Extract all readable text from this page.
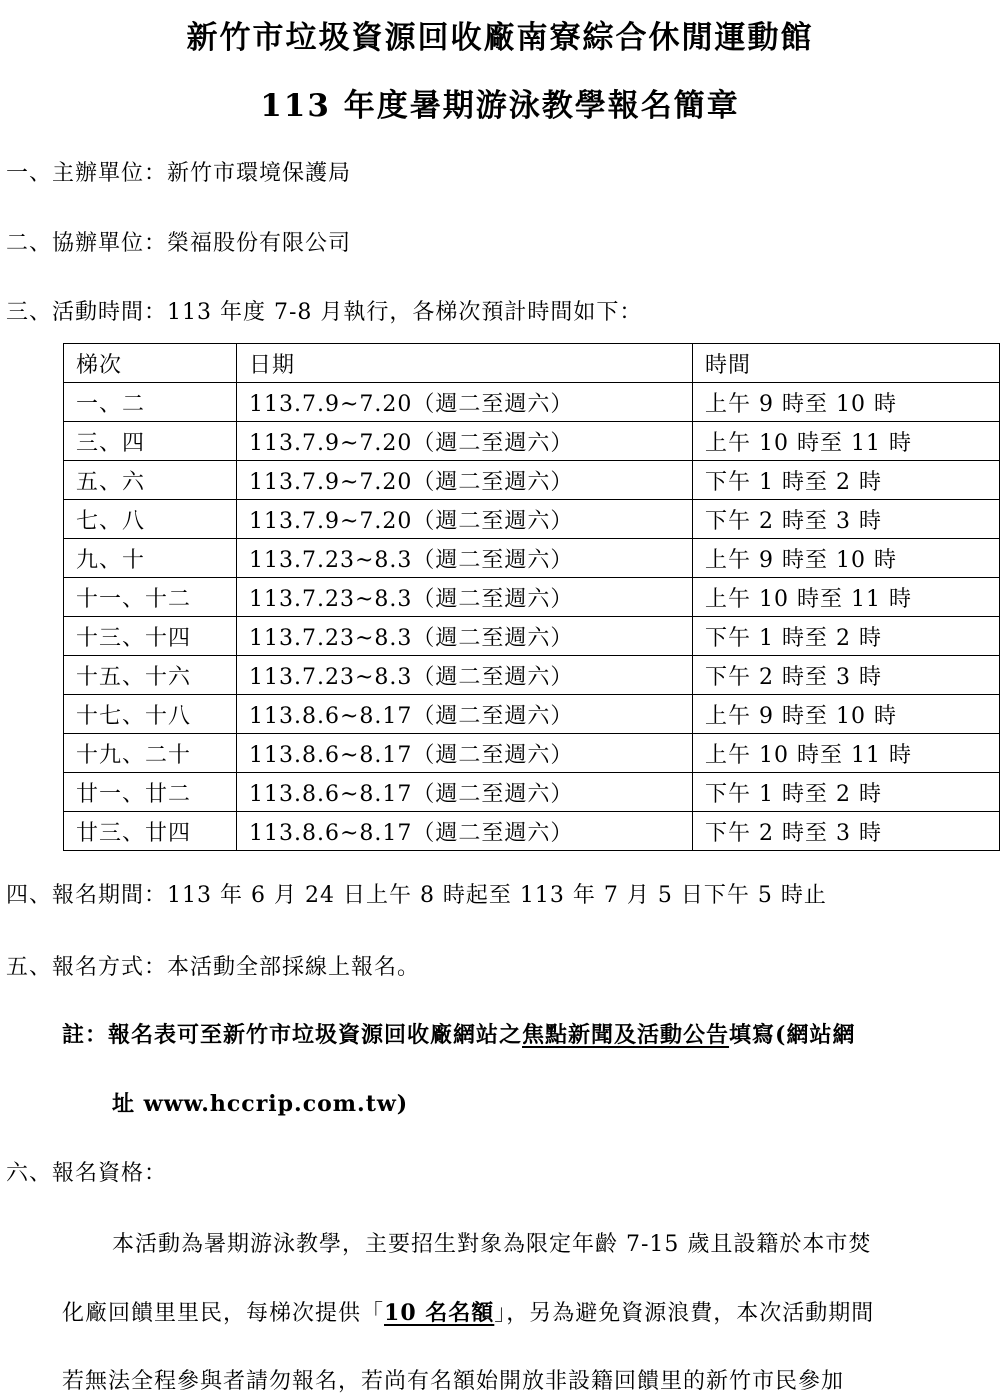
新竹市垃圾資源回收廠南寮綜合休閒運動館
113 年度暑期游泳教學報名簡章
一、主辦單位：新竹市環境保護局
二、協辦單位：榮福股份有限公司
三、活動時間：113 年度 7-8 月執行，各梯次預計時間如下：
梯次	日期	時間
一、二	113.7.9~7.20（週二至週六）	上午 9 時至 10 時
三、四	113.7.9~7.20（週二至週六）	上午 10 時至 11 時
五、六	113.7.9~7.20（週二至週六）	下午 1 時至 2 時
七、八	113.7.9~7.20（週二至週六）	下午 2 時至 3 時
九、十	113.7.23~8.3（週二至週六）	上午 9 時至 10 時
十一、十二	113.7.23~8.3（週二至週六）	上午 10 時至 11 時
十三、十四	113.7.23~8.3（週二至週六）	下午 1 時至 2 時
十五、十六	113.7.23~8.3（週二至週六）	下午 2 時至 3 時
十七、十八	113.8.6~8.17（週二至週六）	上午 9 時至 10 時
十九、二十	113.8.6~8.17（週二至週六）	上午 10 時至 11 時
廿一、廿二	113.8.6~8.17（週二至週六）	下午 1 時至 2 時
廿三、廿四	113.8.6~8.17（週二至週六）	下午 2 時至 3 時
四、報名期間：113 年 6 月 24 日上午 8 時起至 113 年 7 月 5 日下午 5 時止
五、報名方式：本活動全部採線上報名。
註：報名表可至新竹市垃圾資源回收廠網站之焦點新聞及活動公告填寫(網站網
址 www.hccrip.com.tw)
六、報名資格：
本活動為暑期游泳教學，主要招生對象為限定年齡 7-15 歲且設籍於本市焚
化廠回饋里里民，每梯次提供「10 名名額」，另為避免資源浪費，本次活動期間
若無法全程參與者請勿報名，若尚有名額始開放非設籍回饋里的新竹市民參加
